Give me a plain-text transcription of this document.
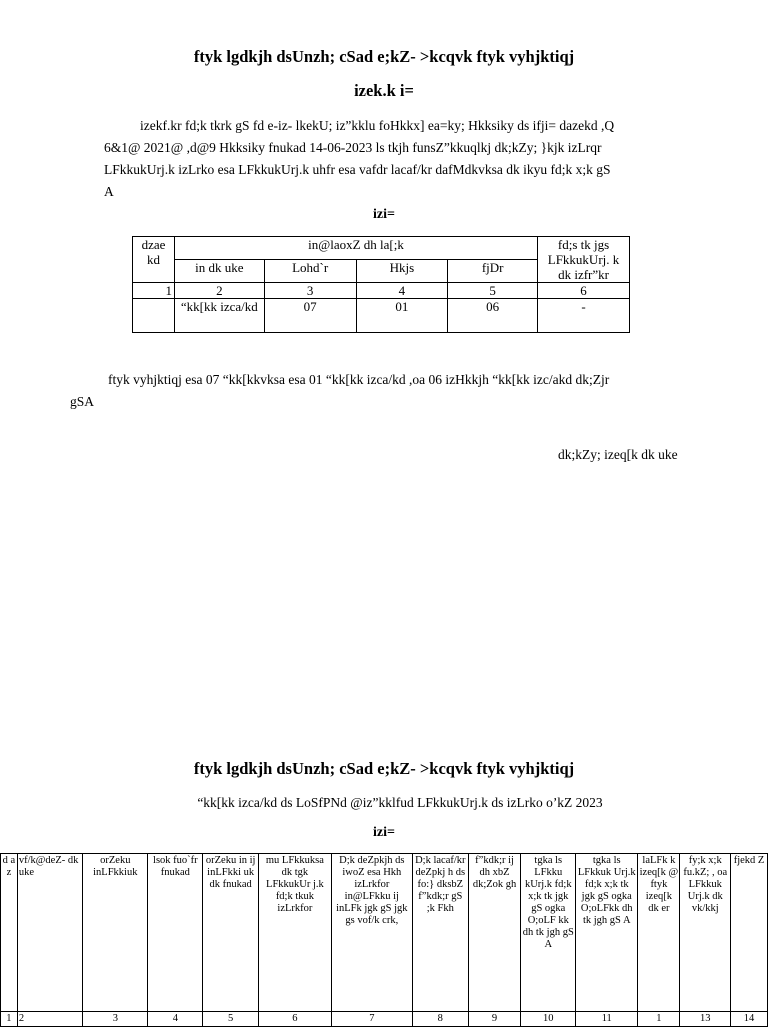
ftyk lgdkjh dsUnzh; cSad e;kZ- >kcqvk ftyk vyhjktiqj
izek.k i=
izekf.kr fd;k tkrk gS fd e-iz- lkekU; iz”kklu foHkkx] ea=ky; Hkksiky ds ifji= dazekd ,Q
6&1@ 2021@ ,d@9 Hkksiky fnukad 14-06-2023 ls tkjh funsZ”kkuqlkj dk;kZy; }kjk izLrqr
LFkkukUrj.k izLrko esa LFkkukUrj.k uhfr esa vafdr lacaf/kr dafMdkvksa dk ikyu fd;k x;k gS
A
izi=
dzae kd	in@laoxZ dh la[;k				fd;s tk jgs LFkkukUrj. k dk izfr”kr
	in dk uke	Lohd`r	Hkjs	fjDr	
1	2	3	4	5	6
	“kk[kk izca/kd	07	01	06	-
ftyk vyhjktiqj esa 07 “kk[kkvksa esa 01 “kk[kk izca/kd ,oa 06 izHkkjh “kk[kk izc/akd dk;Zjr
gSA
dk;kZy; izeq[k dk uke
ftyk lgdkjh dsUnzh; cSad e;kZ- >kcqvk ftyk vyhjktiqj
“kk[kk izca/kd ds LoSfPNd @iz”kklfud LFkkukUrj.k ds izLrko o’kZ 2023
izi=
d a z	vf/k@deZ- dk uke	orZeku inLFkkiuk	lsok fuo`fr fnukad	orZeku in ij inLFkki uk dk fnukad	mu LFkkuksa dk tgk LFkkukUr j.k fd;k tkuk izLrkfor	D;k deZpkjh ds iwoZ esa Hkh izLrkfor in@LFkku ij inLFk jgk gS jgk gs vof/k crk,	D;k lacaf/kr deZpkj h ds fo:} dksbZ f”kdk;r gS ;k Fkh	f”kdk;r ij dh xbZ dk;Zok gh	tgka ls LFkku kUrj.k fd;k x;k tk jgk gS ogka O;oLF kk dh tk jgh gS A	tgka ls LFkkuk Urj.k fd;k x;k tk jgk gS ogka O;oLFkk dh tk jgh gS A	laLFk k izeq[k @ ftyk izeq[k dk er	fy;k x;k fu.kZ; , oa LFkkuk Urj.k dk vk/kkj	fjekd Z
1	2	3	4	5	6	7	8	9	10	11	1	13	14
